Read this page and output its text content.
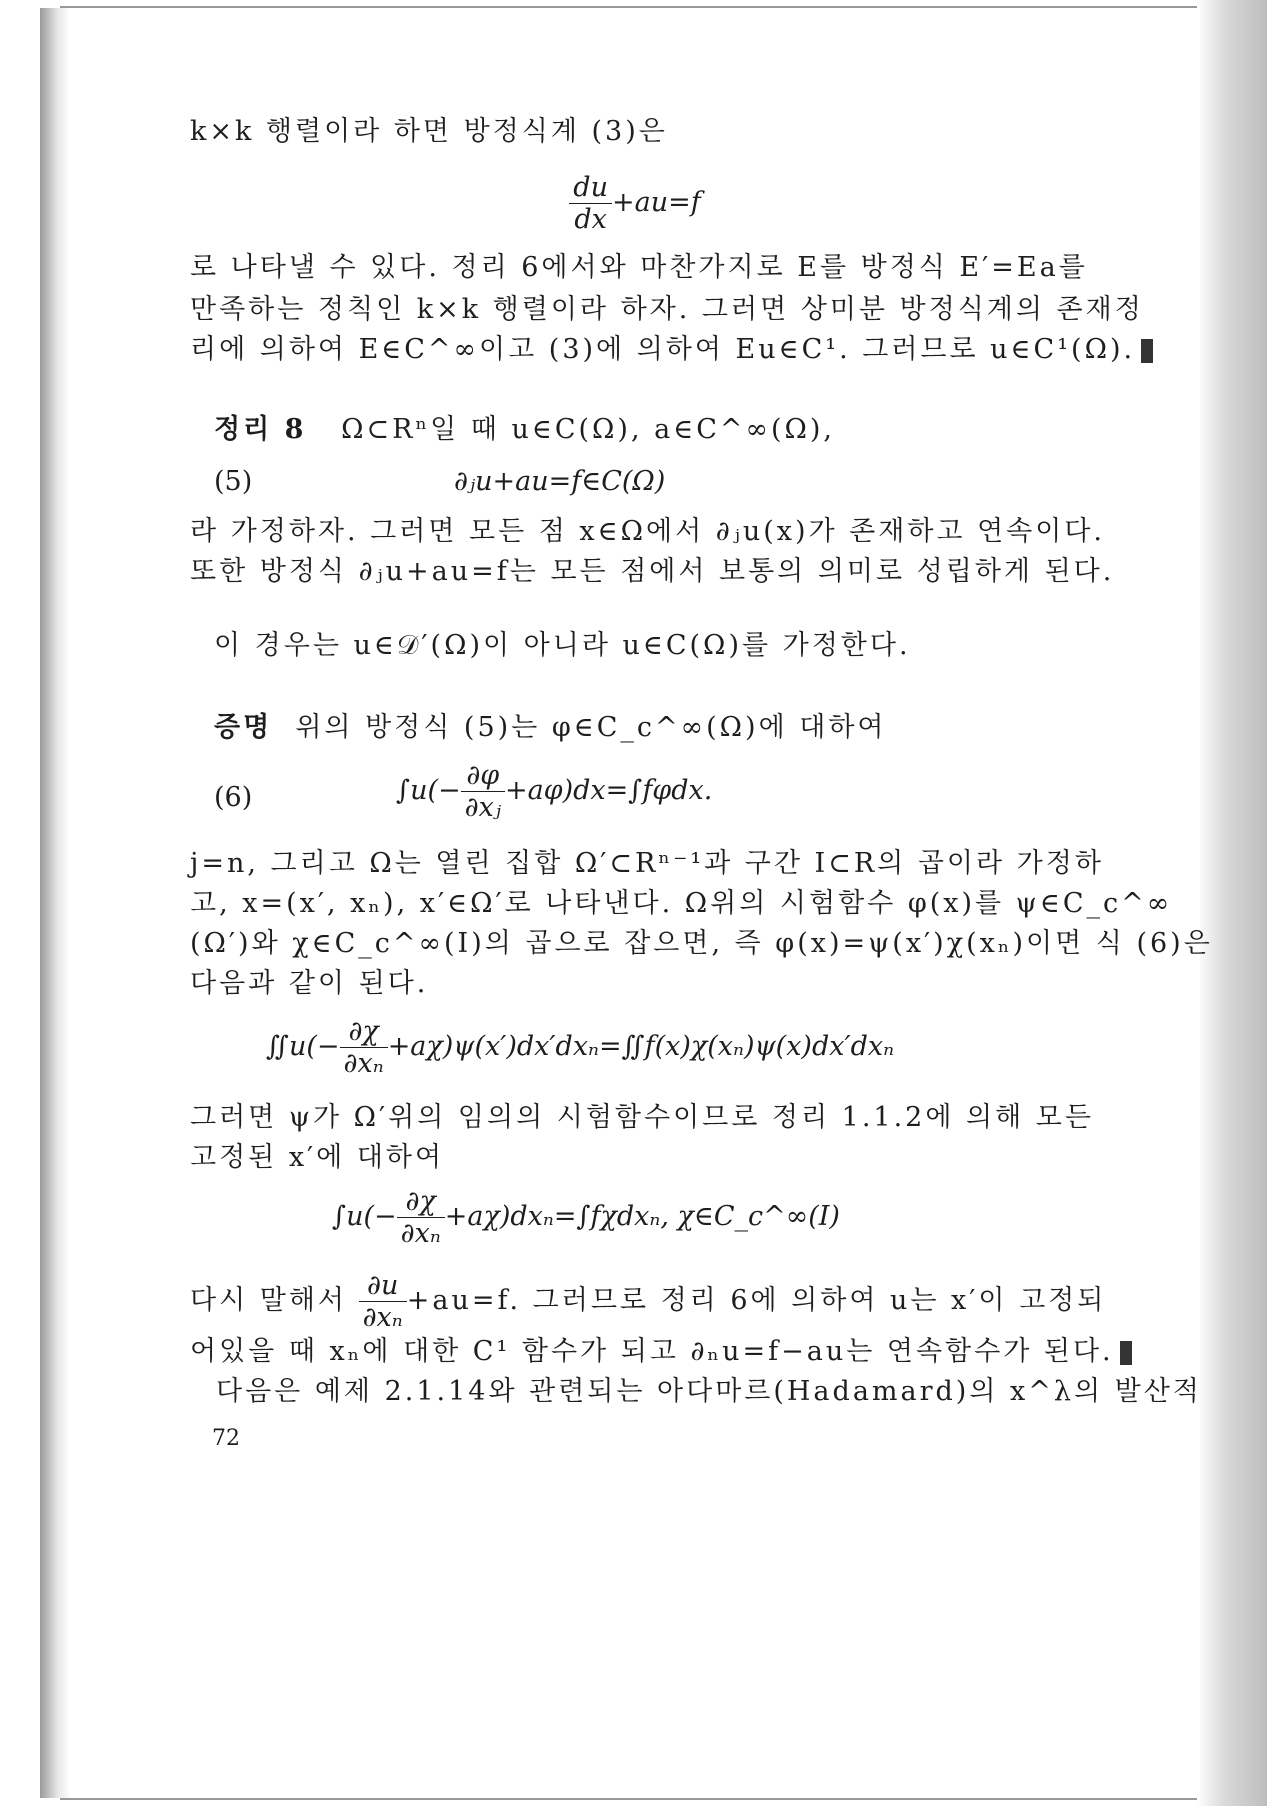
k×k 행렬이라 하면 방정식계 (3)은
$\frac{du}{dx} +au=f$
로 나타낼 수 있다. 정리 6에서와 마찬가지로 E를 방정식 E′=Ea를
만족하는 정칙인 k×k 행렬이라 하자. 그러면 상미분 방정식계의 존재정
리에 의하여 E∈C^∞이고 (3)에 의하여 Eu∈C¹. 그러므로 u∈C¹(Ω).
정리 8 Ω⊂Rⁿ일 때 u∈C(Ω), a∈C^∞(Ω),
(5)	∂ⱼu+au=f∈C(Ω)
라 가정하자. 그러면 모든 점 x∈Ω에서 ∂ⱼu(x)가 존재하고 연속이다.
또한 방정식 ∂ⱼu+au=f는 모든 점에서 보통의 의미로 성립하게 된다.
이 경우는 u∈𝒟′(Ω)이 아니라 u∈C(Ω)를 가정한다.
증명 위의 방정식 (5)는 φ∈C_c^∞(Ω)에 대하여
(6)	$\int u(- \frac{\partial\varphi}{\text{∂xⱼ}} +a\varphi)dx=\int f\varphi dx$.
j=n, 그리고 Ω는 열린 집합 Ω′⊂Rⁿ⁻¹과 구간 I⊂R의 곱이라 가정하
고, x=(x′, xₙ), x′∈Ω′로 나타낸다. Ω위의 시험함수 φ(x)를 ψ∈C_c^∞
(Ω′)와 χ∈C_c^∞(I)의 곱으로 잡으면, 즉 φ(x)=ψ(x′)χ(xₙ)이면 식 (6)은
다음과 같이 된다.
∬u(− $\frac{\partial\chi}{\text{∂xₙ}}$ +aχ)ψ(x′)dx′dxₙ=∬f(x)χ(xₙ)ψ(x)dx′dxₙ
그러면 ψ가 Ω′위의 임의의 시험함수이므로 정리 1.1.2에 의해 모든
고정된 x′에 대하여
$\int u(- \frac{\partial\chi}{\text{∂xₙ}} +a\chi)dx_n=\int f\chi dx_n$, χ∈C_c^∞(I)
다시 말해서 $\frac{\partial u}{\text{∂xₙ}} +au=f$. 그러므로 정리 6에 의하여 u는 x′이 고정되
어있을 때 xₙ에 대한 C¹ 함수가 되고 ∂ₙu=f−au는 연속함수가 된다.
다음은 예제 2.1.14와 관련되는 아다마르(Hadamard)의 x^λ의 발산적
72
